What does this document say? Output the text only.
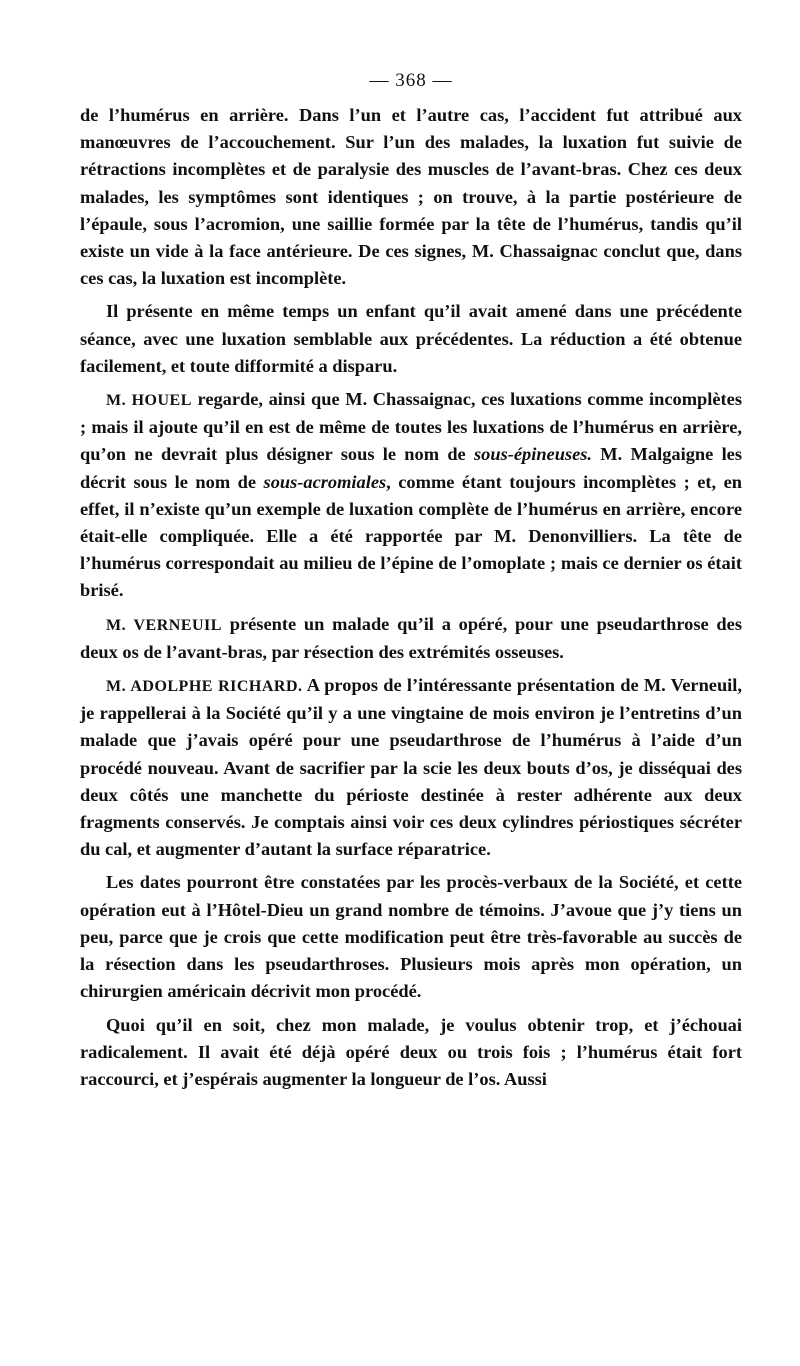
— 368 —

de l’humérus en arrière. Dans l’un et l’autre cas, l’accident fut attribué aux manœuvres de l’accouchement. Sur l’un des malades, la luxation fut suivie de rétractions incomplètes et de paralysie des muscles de l’avant-bras. Chez ces deux malades, les symptômes sont identiques ; on trouve, à la partie postérieure de l’épaule, sous l’acromion, une saillie formée par la tête de l’humérus, tandis qu’il existe un vide à la face antérieure. De ces signes, M. Chassaignac conclut que, dans ces cas, la luxation est incomplète.

Il présente en même temps un enfant qu’il avait amené dans une précédente séance, avec une luxation semblable aux précédentes. La réduction a été obtenue facilement, et toute difformité a disparu.

M. HOUEL regarde, ainsi que M. Chassaignac, ces luxations comme incomplètes ; mais il ajoute qu’il en est de même de toutes les luxations de l’humérus en arrière, qu’on ne devrait plus désigner sous le nom de sous-épineuses. M. Malgaigne les décrit sous le nom de sous-acromiales, comme étant toujours incomplètes ; et, en effet, il n’existe qu’un exemple de luxation complète de l’humérus en arrière, encore était-elle compliquée. Elle a été rapportée par M. Denonvilliers. La tête de l’humérus correspondait au milieu de l’épine de l’omoplate ; mais ce dernier os était brisé.

M. VERNEUIL présente un malade qu’il a opéré, pour une pseudarthrose des deux os de l’avant-bras, par résection des extrémités osseuses.

M. ADOLPHE RICHARD. A propos de l’intéressante présentation de M. Verneuil, je rappellerai à la Société qu’il y a une vingtaine de mois environ je l’entretins d’un malade que j’avais opéré pour une pseudarthrose de l’humérus à l’aide d’un procédé nouveau. Avant de sacrifier par la scie les deux bouts d’os, je disséquai des deux côtés une manchette du périoste destinée à rester adhérente aux deux fragments conservés. Je comptais ainsi voir ces deux cylindres périostiques sécréter du cal, et augmenter d’autant la surface réparatrice.

Les dates pourront être constatées par les procès-verbaux de la Société, et cette opération eut à l’Hôtel-Dieu un grand nombre de témoins. J’avoue que j’y tiens un peu, parce que je crois que cette modification peut être très-favorable au succès de la résection dans les pseudarthroses. Plusieurs mois après mon opération, un chirurgien américain décrivit mon procédé.

Quoi qu’il en soit, chez mon malade, je voulus obtenir trop, et j’échouai radicalement. Il avait été déjà opéré deux ou trois fois ; l’humérus était fort raccourci, et j’espérais augmenter la longueur de l’os. Aussi
